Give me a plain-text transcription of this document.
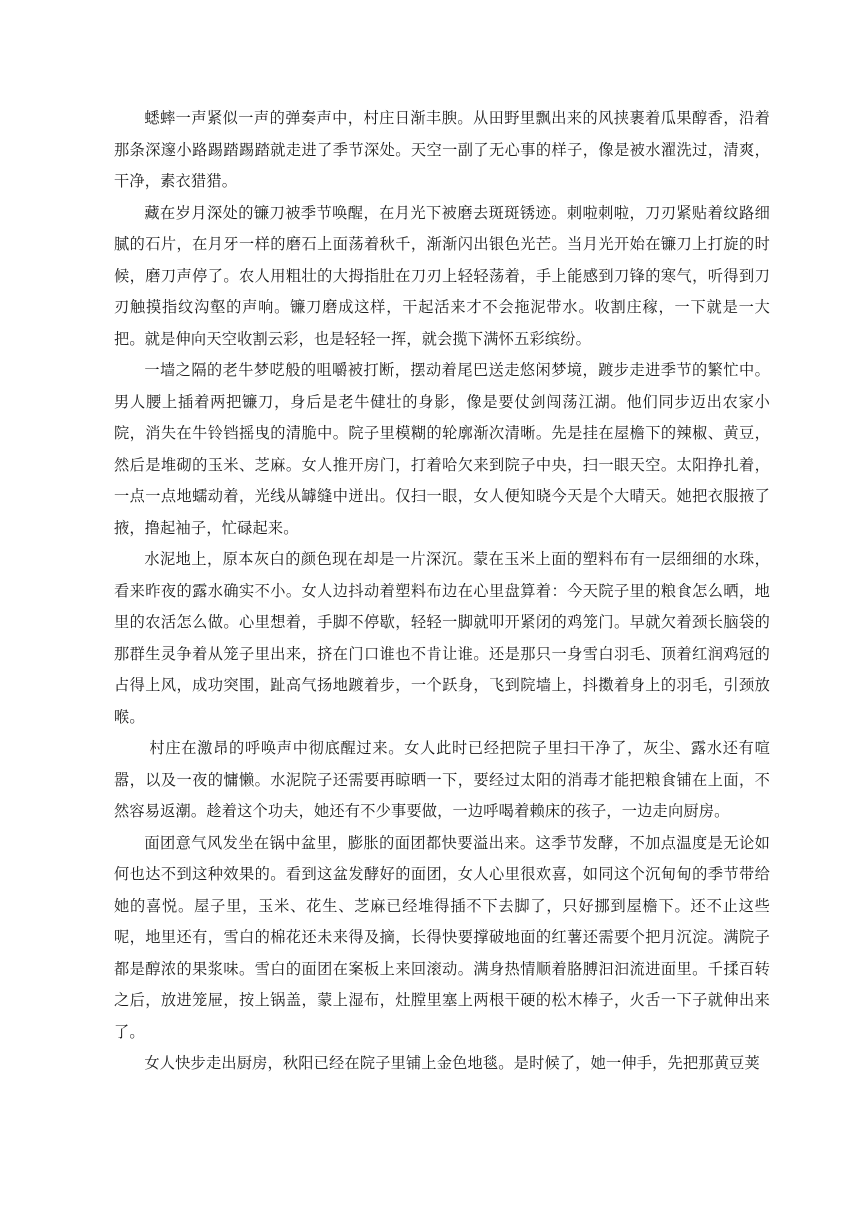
蟋蟀一声紧似一声的弹奏声中，村庄日渐丰腴。从田野里飘出来的风挟裹着瓜果醇香，沿着那条深邃小路踢踏踢踏就走进了季节深处。天空一副了无心事的样子，像是被水濯洗过，清爽，干净，素衣猎猎。

藏在岁月深处的镰刀被季节唤醒，在月光下被磨去斑斑锈迹。刺啦刺啦，刀刃紧贴着纹路细腻的石片，在月牙一样的磨石上面荡着秋千，渐渐闪出银色光芒。当月光开始在镰刀上打旋的时候，磨刀声停了。农人用粗壮的大拇指肚在刀刃上轻轻荡着，手上能感到刀锋的寒气，听得到刀刃触摸指纹沟壑的声响。镰刀磨成这样，干起活来才不会拖泥带水。收割庄稼，一下就是一大把。就是伸向天空收割云彩，也是轻轻一挥，就会揽下满怀五彩缤纷。

一墙之隔的老牛梦呓般的咀嚼被打断，摆动着尾巴送走悠闲梦境，踱步走进季节的繁忙中。男人腰上插着两把镰刀，身后是老牛健壮的身影，像是要仗剑闯荡江湖。他们同步迈出农家小院，消失在牛铃铛摇曳的清脆中。院子里模糊的轮廓渐次清晰。先是挂在屋檐下的辣椒、黄豆，然后是堆砌的玉米、芝麻。女人推开房门，打着哈欠来到院子中央，扫一眼天空。太阳挣扎着，一点一点地蠕动着，光线从罅缝中迸出。仅扫一眼，女人便知晓今天是个大晴天。她把衣服掖了掖，撸起袖子，忙碌起来。

水泥地上，原本灰白的颜色现在却是一片深沉。蒙在玉米上面的塑料布有一层细细的水珠，看来昨夜的露水确实不小。女人边抖动着塑料布边在心里盘算着：今天院子里的粮食怎么晒，地里的农活怎么做。心里想着，手脚不停歇，轻轻一脚就叩开紧闭的鸡笼门。早就欠着颈长脑袋的那群生灵争着从笼子里出来，挤在门口谁也不肯让谁。还是那只一身雪白羽毛、顶着红润鸡冠的占得上风，成功突围，趾高气扬地踱着步，一个跃身，飞到院墙上，抖擞着身上的羽毛，引颈放喉。

村庄在激昂的呼唤声中彻底醒过来。女人此时已经把院子里扫干净了，灰尘、露水还有喧嚣，以及一夜的慵懒。水泥院子还需要再晾晒一下，要经过太阳的消毒才能把粮食铺在上面，不然容易返潮。趁着这个功夫，她还有不少事要做，一边呼喝着赖床的孩子，一边走向厨房。

面团意气风发坐在锅中盆里，膨胀的面团都快要溢出来。这季节发酵，不加点温度是无论如何也达不到这种效果的。看到这盆发酵好的面团，女人心里很欢喜，如同这个沉甸甸的季节带给她的喜悦。屋子里，玉米、花生、芝麻已经堆得插不下去脚了，只好挪到屋檐下。还不止这些呢，地里还有，雪白的棉花还未来得及摘，长得快要撑破地面的红薯还需要个把月沉淀。满院子都是醇浓的果浆味。雪白的面团在案板上来回滚动。满身热情顺着胳膊汩汩流进面里。千揉百转之后，放进笼屉，按上锅盖，蒙上湿布，灶膛里塞上两根干硬的松木棒子，火舌一下子就伸出来了。

女人快步走出厨房，秋阳已经在院子里铺上金色地毯。是时候了，她一伸手，先把那黄豆荚
